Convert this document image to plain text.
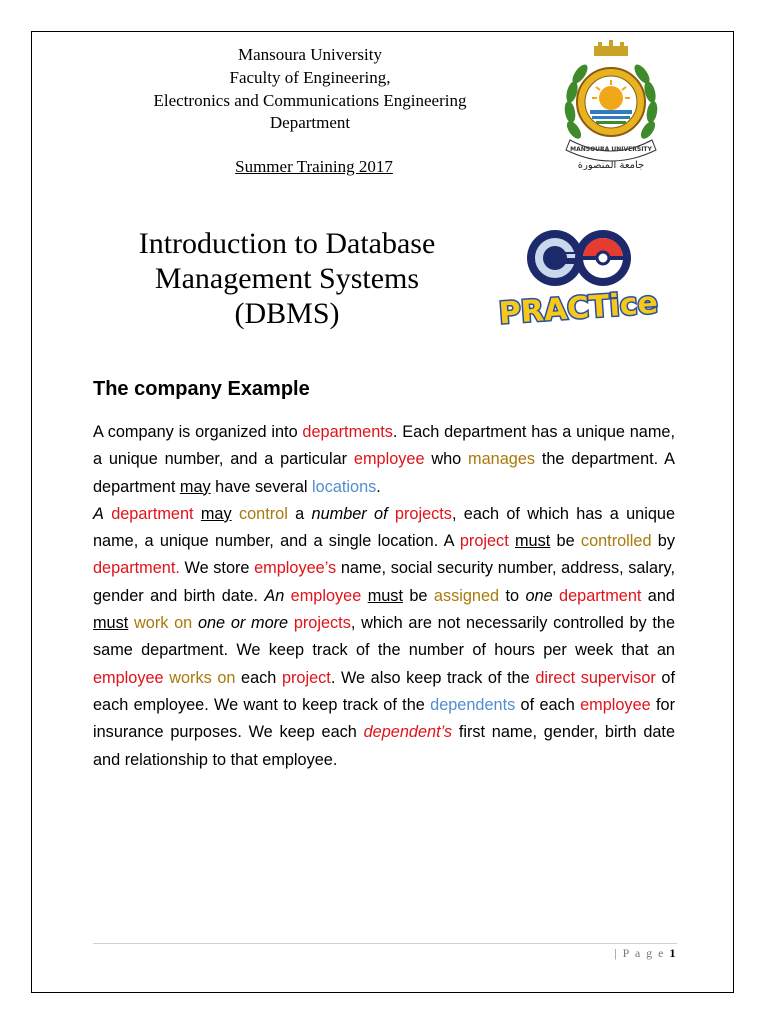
Mansoura University
Faculty of Engineering,
Electronics and Communications Engineering
Department
Summer Training 2017
MANSOURA UNIVERSITY
جامعة المنصورة
Introduction to Database
Management Systems
(DBMS)	PRACTice
The company Example
A company is organized into departments. Each department has a unique name, a unique number, and a particular employee who manages the department. A department may have several locations.
A department may control a number of projects, each of which has a unique name, a unique number, and a single location. A project must be controlled by department. We store employee’s name, social security number, address, salary, gender and birth date. An employee must be assigned to one department and must work on one or more projects, which are not necessarily controlled by the same department. We keep track of the number of hours per week that an employee works on each project. We also keep track of the direct supervisor of each employee. We want to keep track of the dependents of each employee for insurance purposes. We keep each dependent’s first name, gender, birth date and relationship to that employee.
| P a g e 1
